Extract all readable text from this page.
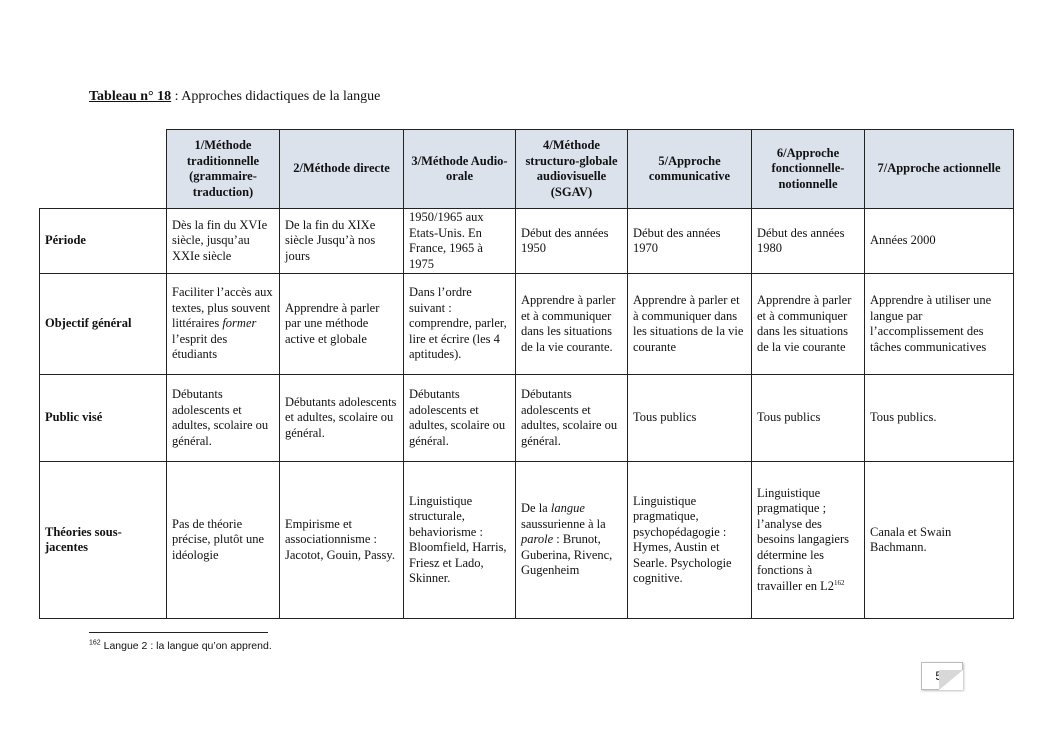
Tableau n° 18 : Approches didactiques de la langue
	1/Méthode traditionnelle (grammaire-traduction)	2/Méthode directe	3/Méthode Audio-orale	4/Méthode structuro-globale audiovisuelle (SGAV)	5/Approche communicative	6/Approche fonctionnelle-notionnelle	7/Approche actionnelle
Période	Dès la fin du XVIe siècle, jusqu’au XXIe siècle	De la fin du XIXe siècle Jusqu’à nos jours	1950/1965 aux Etats-Unis. En France, 1965 à 1975	Début des années 1950	Début des années 1970	Début des années 1980	Années 2000
Objectif général	Faciliter l’accès aux textes, plus souvent littéraires former l’esprit des étudiants	Apprendre à parler par une méthode active et globale	Dans l’ordre suivant : comprendre, parler, lire et écrire (les 4 aptitudes).	Apprendre à parler et à communiquer dans les situations de la vie courante.	Apprendre à parler et à communiquer dans les situations de la vie courante	Apprendre à parler et à communiquer dans les situations de la vie courante	Apprendre à utiliser une langue par l’accomplissement des tâches communicatives
Public visé	Débutants adolescents et adultes, scolaire ou général.	Débutants adolescents et adultes, scolaire ou général.	Débutants adolescents et adultes, scolaire ou général.	Débutants adolescents et adultes, scolaire ou général.	Tous publics	Tous publics	Tous publics.
Théories sous-jacentes	Pas de théorie précise, plutôt une idéologie	Empirisme et associationnisme : Jacotot, Gouin, Passy.	Linguistique structurale, behaviorisme : Bloomfield, Harris, Friesz et Lado, Skinner.	De la langue saussurienne à la parole : Brunot, Guberina, Rivenc, Gugenheim	Linguistique pragmatique, psychopédagogie : Hymes, Austin et Searle. Psychologie cognitive.	Linguistique pragmatique ; l’analyse des besoins langagiers détermine les fonctions à travailler en $L2^{162}$	Canala et Swain Bachmann.
$^{162}$ Langue 2 : la langue qu’on apprend.
56
